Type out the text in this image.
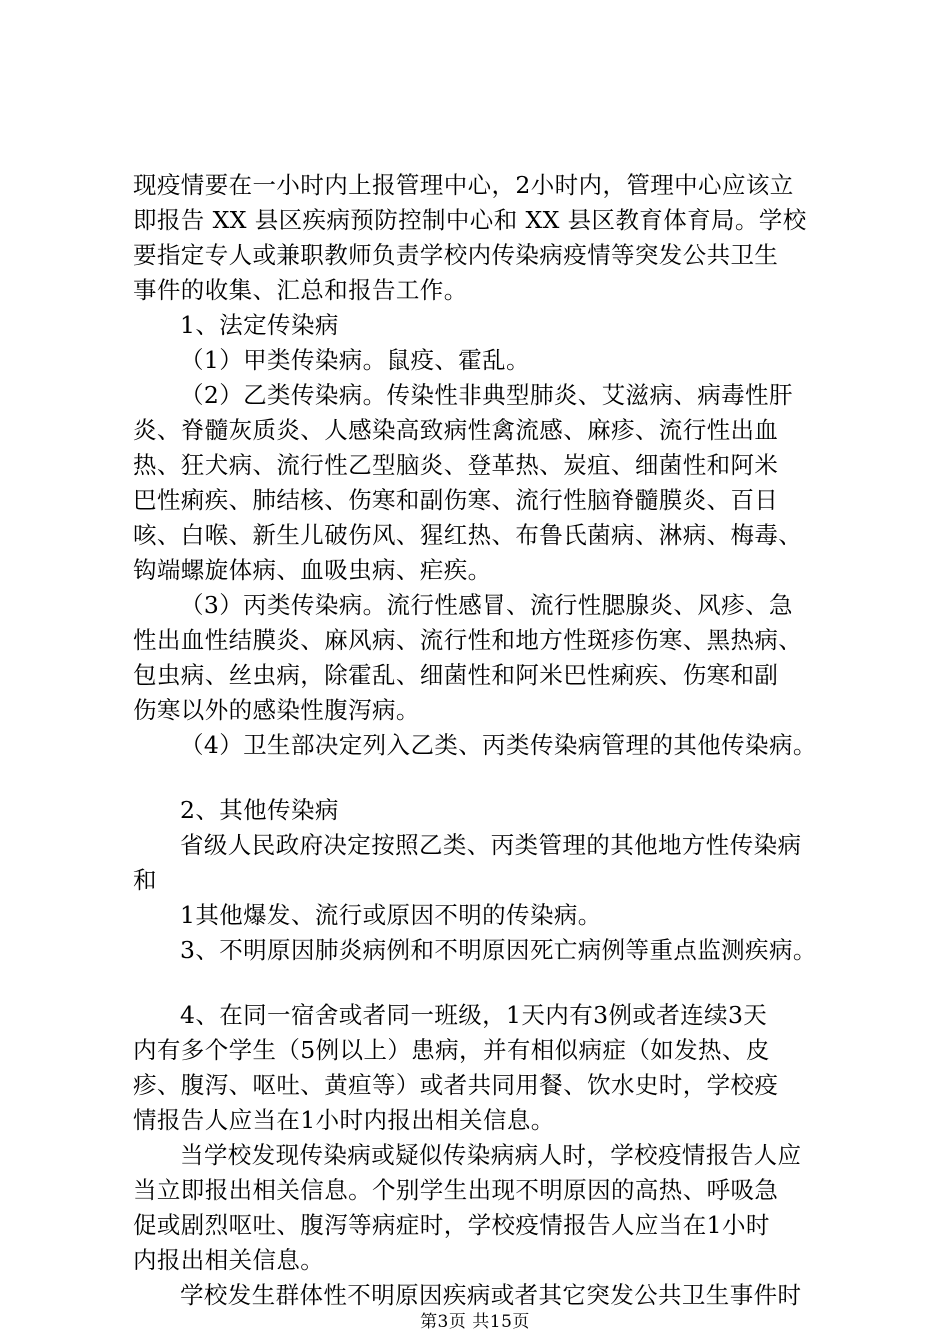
现疫情要在一小时内上报管理中心，2小时内，管理中心应该立
即报告 XX 县区疾病预防控制中心和 XX 县区教育体育局。学校
要指定专人或兼职教师负责学校内传染病疫情等突发公共卫生
事件的收集、汇总和报告工作。
1、法定传染病
（1）甲类传染病。鼠疫、霍乱。
（2）乙类传染病。传染性非典型肺炎、艾滋病、病毒性肝
炎、脊髓灰质炎、人感染高致病性禽流感、麻疹、流行性出血
热、狂犬病、流行性乙型脑炎、登革热、炭疽、细菌性和阿米
巴性痢疾、肺结核、伤寒和副伤寒、流行性脑脊髓膜炎、百日
咳、白喉、新生儿破伤风、猩红热、布鲁氏菌病、淋病、梅毒、
钩端螺旋体病、血吸虫病、疟疾。
（3）丙类传染病。流行性感冒、流行性腮腺炎、风疹、急
性出血性结膜炎、麻风病、流行性和地方性斑疹伤寒、黑热病、
包虫病、丝虫病，除霍乱、细菌性和阿米巴性痢疾、伤寒和副
伤寒以外的感染性腹泻病。
（4）卫生部决定列入乙类、丙类传染病管理的其他传染病。
2、其他传染病
省级人民政府决定按照乙类、丙类管理的其他地方性传染病
和
1其他爆发、流行或原因不明的传染病。
3、不明原因肺炎病例和不明原因死亡病例等重点监测疾病。
4、在同一宿舍或者同一班级，1天内有3例或者连续3天
内有多个学生（5例以上）患病，并有相似病症（如发热、皮
疹、腹泻、呕吐、黄疸等）或者共同用餐、饮水史时，学校疫
情报告人应当在1小时内报出相关信息。
当学校发现传染病或疑似传染病病人时，学校疫情报告人应
当立即报出相关信息。个别学生出现不明原因的高热、呼吸急
促或剧烈呕吐、腹泻等病症时，学校疫情报告人应当在1小时
内报出相关信息。
学校发生群体性不明原因疾病或者其它突发公共卫生事件时
第3页 共15页
